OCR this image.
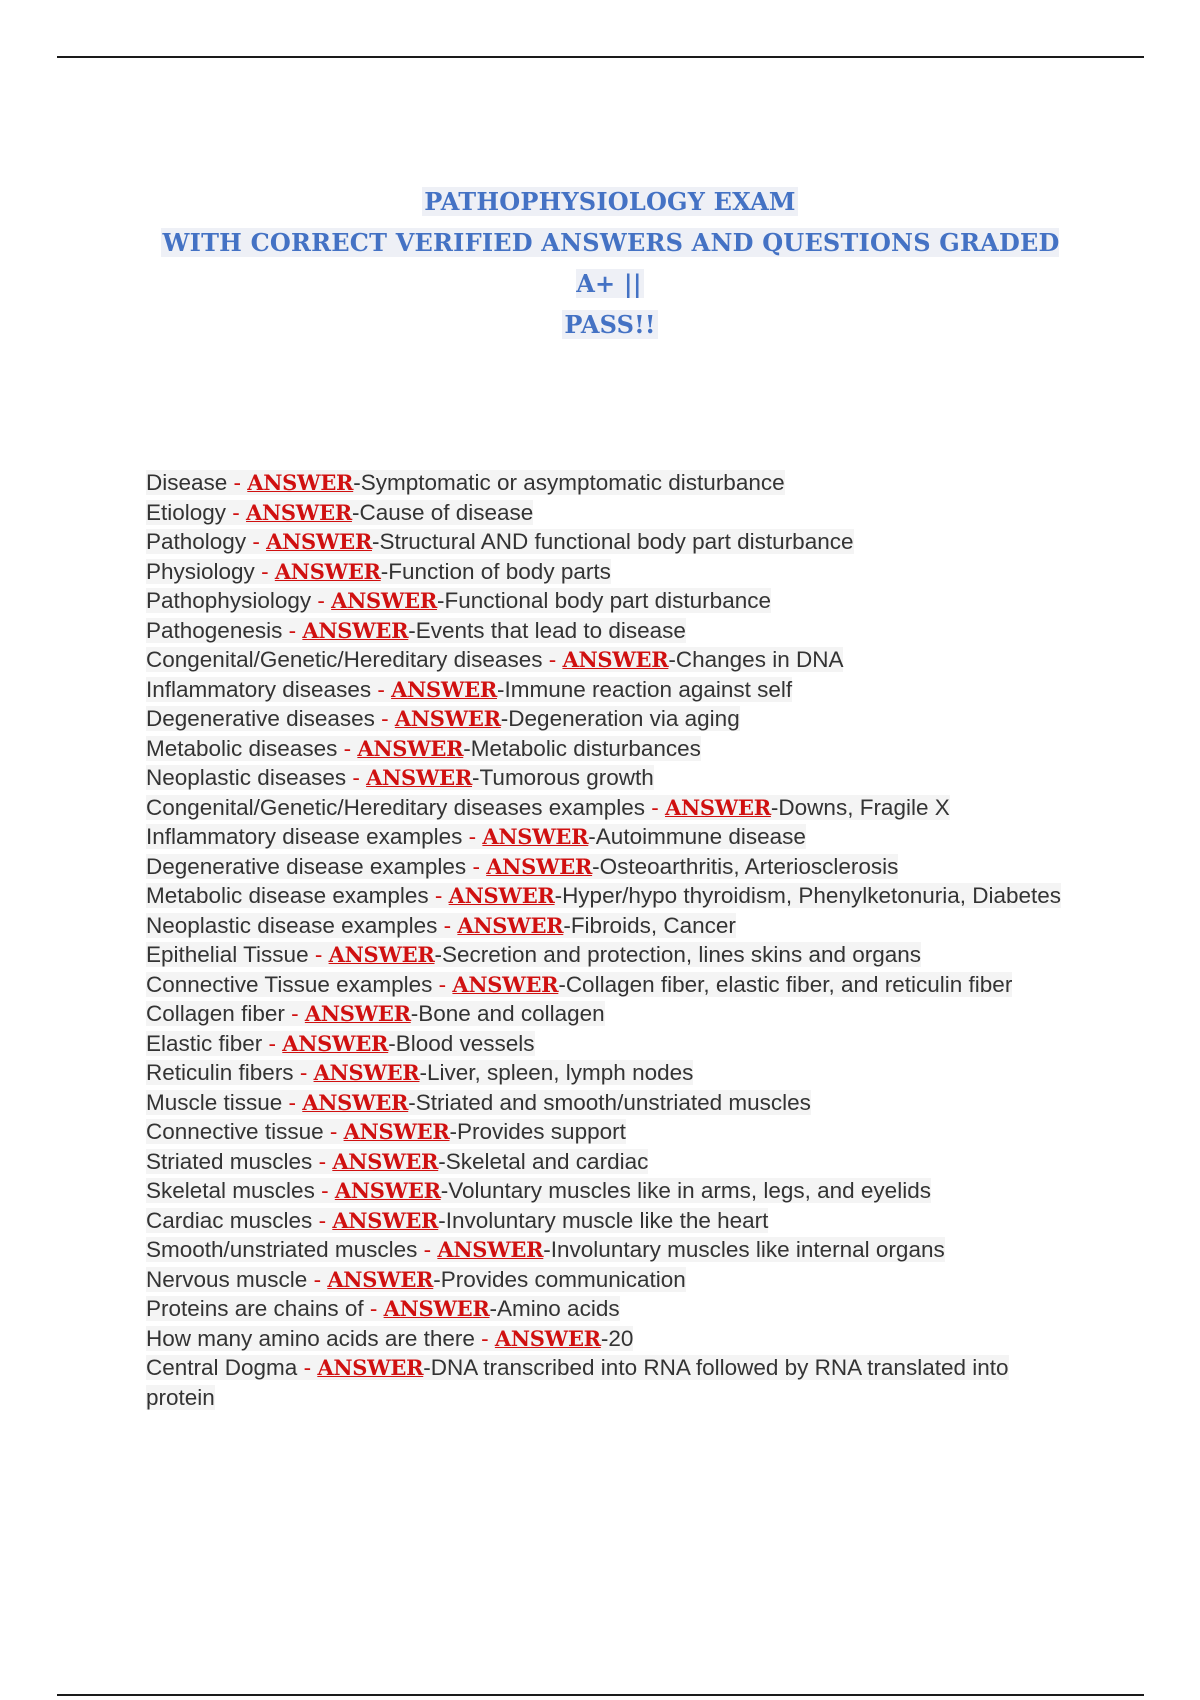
PATHOPHYSIOLOGY EXAM
WITH CORRECT VERIFIED ANSWERS AND QUESTIONS GRADED A+ ||
PASS!!

Disease - ANSWER-Symptomatic or asymptomatic disturbance

Etiology - ANSWER-Cause of disease

Pathology - ANSWER-Structural AND functional body part disturbance

Physiology - ANSWER-Function of body parts

Pathophysiology - ANSWER-Functional body part disturbance

Pathogenesis - ANSWER-Events that lead to disease

Congenital/Genetic/Hereditary diseases - ANSWER-Changes in DNA

Inflammatory diseases - ANSWER-Immune reaction against self

Degenerative diseases - ANSWER-Degeneration via aging

Metabolic diseases - ANSWER-Metabolic disturbances

Neoplastic diseases - ANSWER-Tumorous growth

Congenital/Genetic/Hereditary diseases examples - ANSWER-Downs, Fragile X

Inflammatory disease examples - ANSWER-Autoimmune disease

Degenerative disease examples - ANSWER-Osteoarthritis, Arteriosclerosis

Metabolic disease examples - ANSWER-Hyper/hypo thyroidism, Phenylketonuria, Diabetes

Neoplastic disease examples - ANSWER-Fibroids, Cancer

Epithelial Tissue - ANSWER-Secretion and protection, lines skins and organs

Connective Tissue examples - ANSWER-Collagen fiber, elastic fiber, and reticulin fiber

Collagen fiber - ANSWER-Bone and collagen

Elastic fiber - ANSWER-Blood vessels

Reticulin fibers - ANSWER-Liver, spleen, lymph nodes

Muscle tissue - ANSWER-Striated and smooth/unstriated muscles

Connective tissue - ANSWER-Provides support

Striated muscles - ANSWER-Skeletal and cardiac

Skeletal muscles - ANSWER-Voluntary muscles like in arms, legs, and eyelids

Cardiac muscles - ANSWER-Involuntary muscle like the heart

Smooth/unstriated muscles - ANSWER-Involuntary muscles like internal organs

Nervous muscle - ANSWER-Provides communication

Proteins are chains of - ANSWER-Amino acids

How many amino acids are there - ANSWER-20

Central Dogma - ANSWER-DNA transcribed into RNA followed by RNA translated into protein
